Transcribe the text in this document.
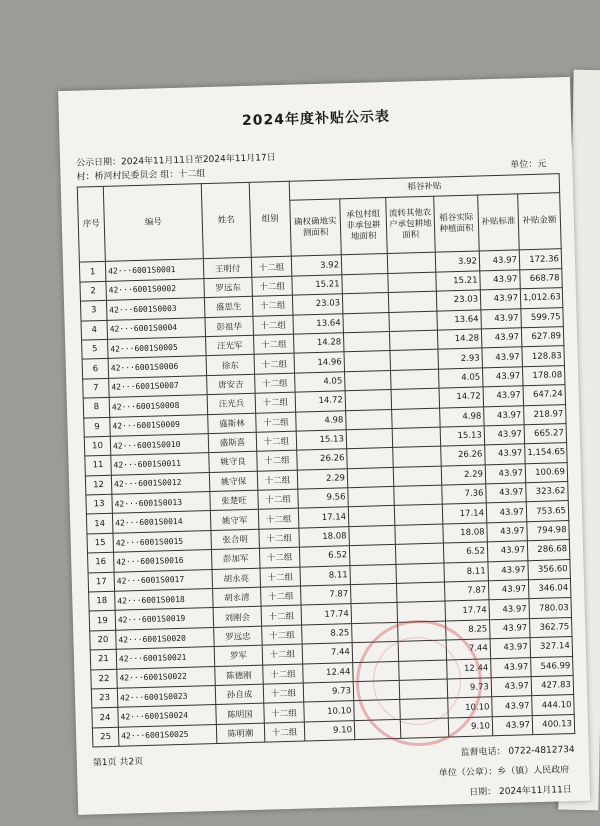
2024年度补贴公示表
公示日期：2024年11月11日至2024年11月17日
村：桥河村民委员会 组：十二组
单位：元
序号	编号	姓名	组别	稻谷补贴					
				确权确地实测面积	承包村组非承包耕地面积	流转其他农户承包耕地面积	稻谷实际种植面积	补贴标准	补贴金额
1	42···6001S0001	王明付	十二组	3.92			3.92	43.97	172.36
2	42···6001S0002	罗远东	十二组	15.21			15.21	43.97	668.78
3	42···6001S0003	盛思生	十二组	23.03			23.03	43.97	1,012.63
4	42···6001S0004	彭祖华	十二组	13.64			13.64	43.97	599.75
5	42···6001S0005	汪光军	十二组	14.28			14.28	43.97	627.89
6	42···6001S0006	徐东	十二组	14.96			2.93	43.97	128.83
7	42···6001S0007	唐安吉	十二组	4.05			4.05	43.97	178.08
8	42···6001S0008	汪光兵	十二组	14.72			14.72	43.97	647.24
9	42···6001S0009	盛斯林	十二组	4.98			4.98	43.97	218.97
10	42···6001S0010	盛斯喜	十二组	15.13			15.13	43.97	665.27
11	42···6001S0011	姚守良	十二组	26.26			26.26	43.97	1,154.65
12	42···6001S0012	姚守保	十二组	2.29			2.29	43.97	100.69
13	42···6001S0013	张楚旺	十二组	9.56			7.36	43.97	323.62
14	42···6001S0014	姚守军	十二组	17.14			17.14	43.97	753.65
15	42···6001S0015	张合明	十二组	18.08			18.08	43.97	794.98
16	42···6001S0016	彭加军	十二组	6.52			6.52	43.97	286.68
17	42···6001S0017	胡永亮	十二组	8.11			8.11	43.97	356.60
18	42···6001S0018	胡永清	十二组	7.87			7.87	43.97	346.04
19	42···6001S0019	刘刚会	十二组	17.74			17.74	43.97	780.03
20	42···6001S0020	罗远忠	十二组	8.25			8.25	43.97	362.75
21	42···6001S0021	罗军	十二组	7.44			7.44	43.97	327.14
22	42···6001S0022	陈德刚	十二组	12.44			12.44	43.97	546.99
23	42···6001S0023	孙自成	十二组	9.73			9.73	43.97	427.83
24	42···6001S0024	陈明国	十二组	10.10			10.10	43.97	444.10
25	42···6001S0025	陈明潮	十二组	9.10			9.10	43.97	400.13
第1页 共2页
监督电话： 0722-4812734
单位（公章）：乡（镇）人民政府
日期： 2024年11月11日
